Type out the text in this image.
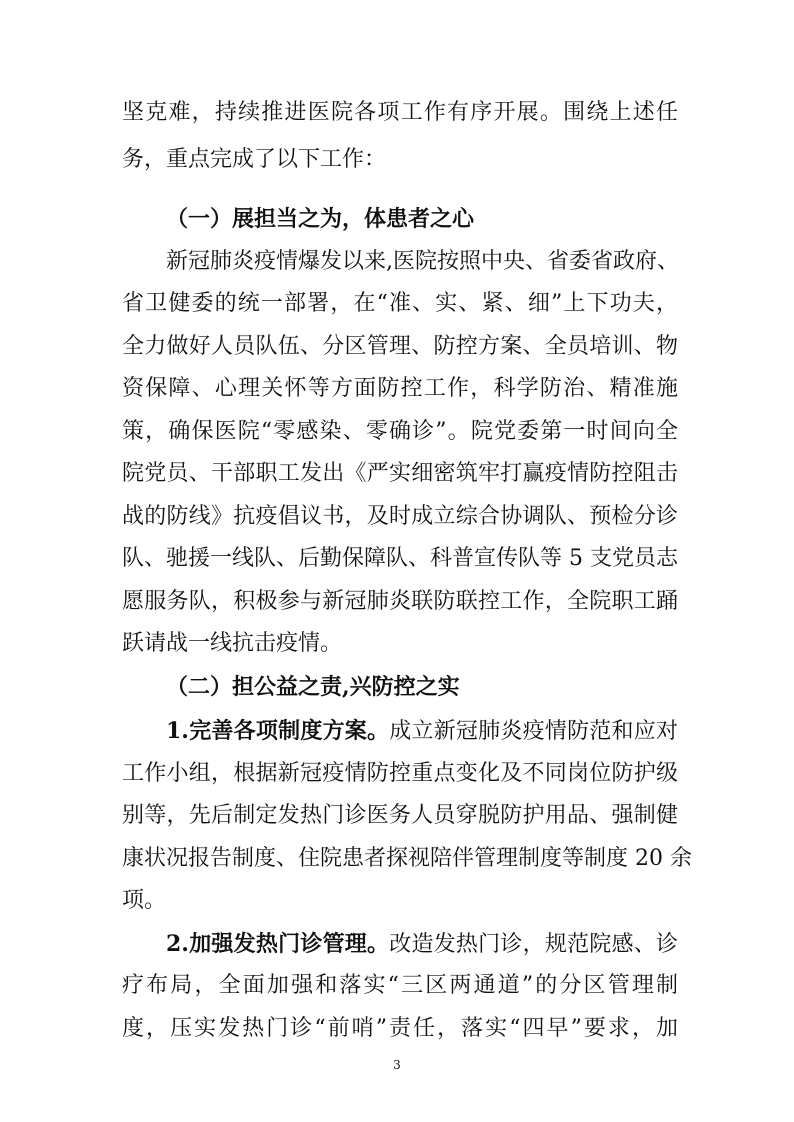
坚克难，持续推进医院各项工作有序开展。围绕上述任
务，重点完成了以下工作：
（一）展担当之为，体患者之心
新冠肺炎疫情爆发以来,医院按照中央、省委省政府、
省卫健委的统一部署，在“准、实、紧、细”上下功夫，
全力做好人员队伍、分区管理、防控方案、全员培训、物
资保障、心理关怀等方面防控工作，科学防治、精准施
策，确保医院“零感染、零确诊”。院党委第一时间向全
院党员、干部职工发出《严实细密筑牢打赢疫情防控阻击
战的防线》抗疫倡议书，及时成立综合协调队、预检分诊
队、驰援一线队、后勤保障队、科普宣传队等 5 支党员志
愿服务队，积极参与新冠肺炎联防联控工作，全院职工踊
跃请战一线抗击疫情。
（二）担公益之责,兴防控之实
1.完善各项制度方案。成立新冠肺炎疫情防范和应对
工作小组，根据新冠疫情防控重点变化及不同岗位防护级
别等，先后制定发热门诊医务人员穿脱防护用品、强制健
康状况报告制度、住院患者探视陪伴管理制度等制度 20 余
项。
2.加强发热门诊管理。改造发热门诊，规范院感、诊
疗布局，全面加强和落实“三区两通道”的分区管理制
度，压实发热门诊“前哨”责任，落实“四早”要求，加
3
